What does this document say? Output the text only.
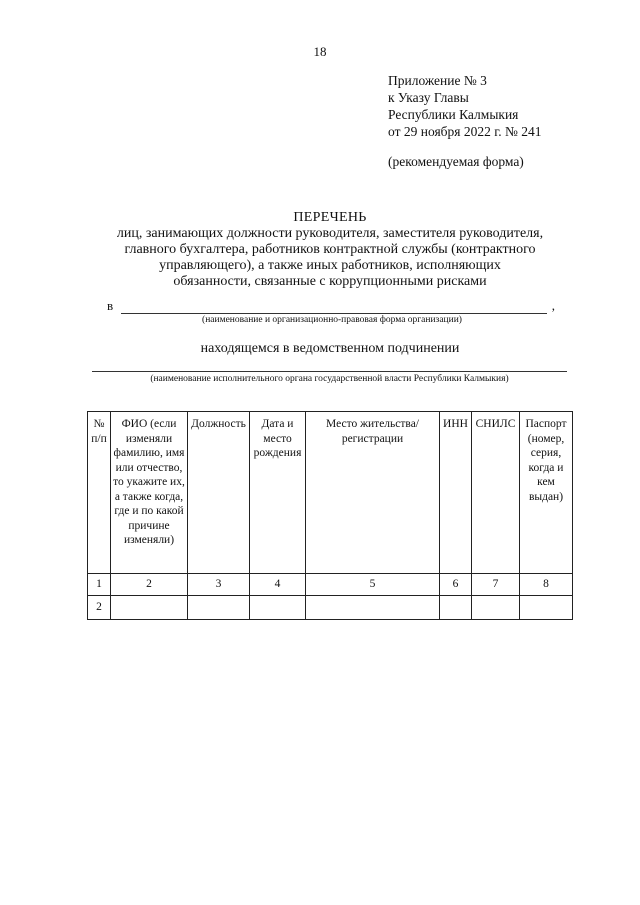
18
Приложение № 3
к Указу Главы
Республики Калмыкия
от 29 ноября 2022 г. № 241
(рекомендуемая форма)
ПЕРЕЧЕНЬ
лиц, занимающих должности руководителя, заместителя руководителя,
главного бухгалтера, работников контрактной службы (контрактного
управляющего), а также иных работников, исполняющих
обязанности, связанные с коррупционными рисками
в	,
(наименование и организационно-правовая форма организации)
находящемся в ведомственном подчинении
(наименование исполнительного органа государственной власти Республики Калмыкия)
№ п/п	ФИО (если изменяли фамилию, имя или отчество, то укажите их, а также когда, где и по какой причине изменяли)	Должность	Дата и место рождения	Место жительства/регистрации	ИНН	СНИЛС	Паспорт (номер, серия, когда и кем выдан)
1	2	3	4	5	6	7	8
2							
